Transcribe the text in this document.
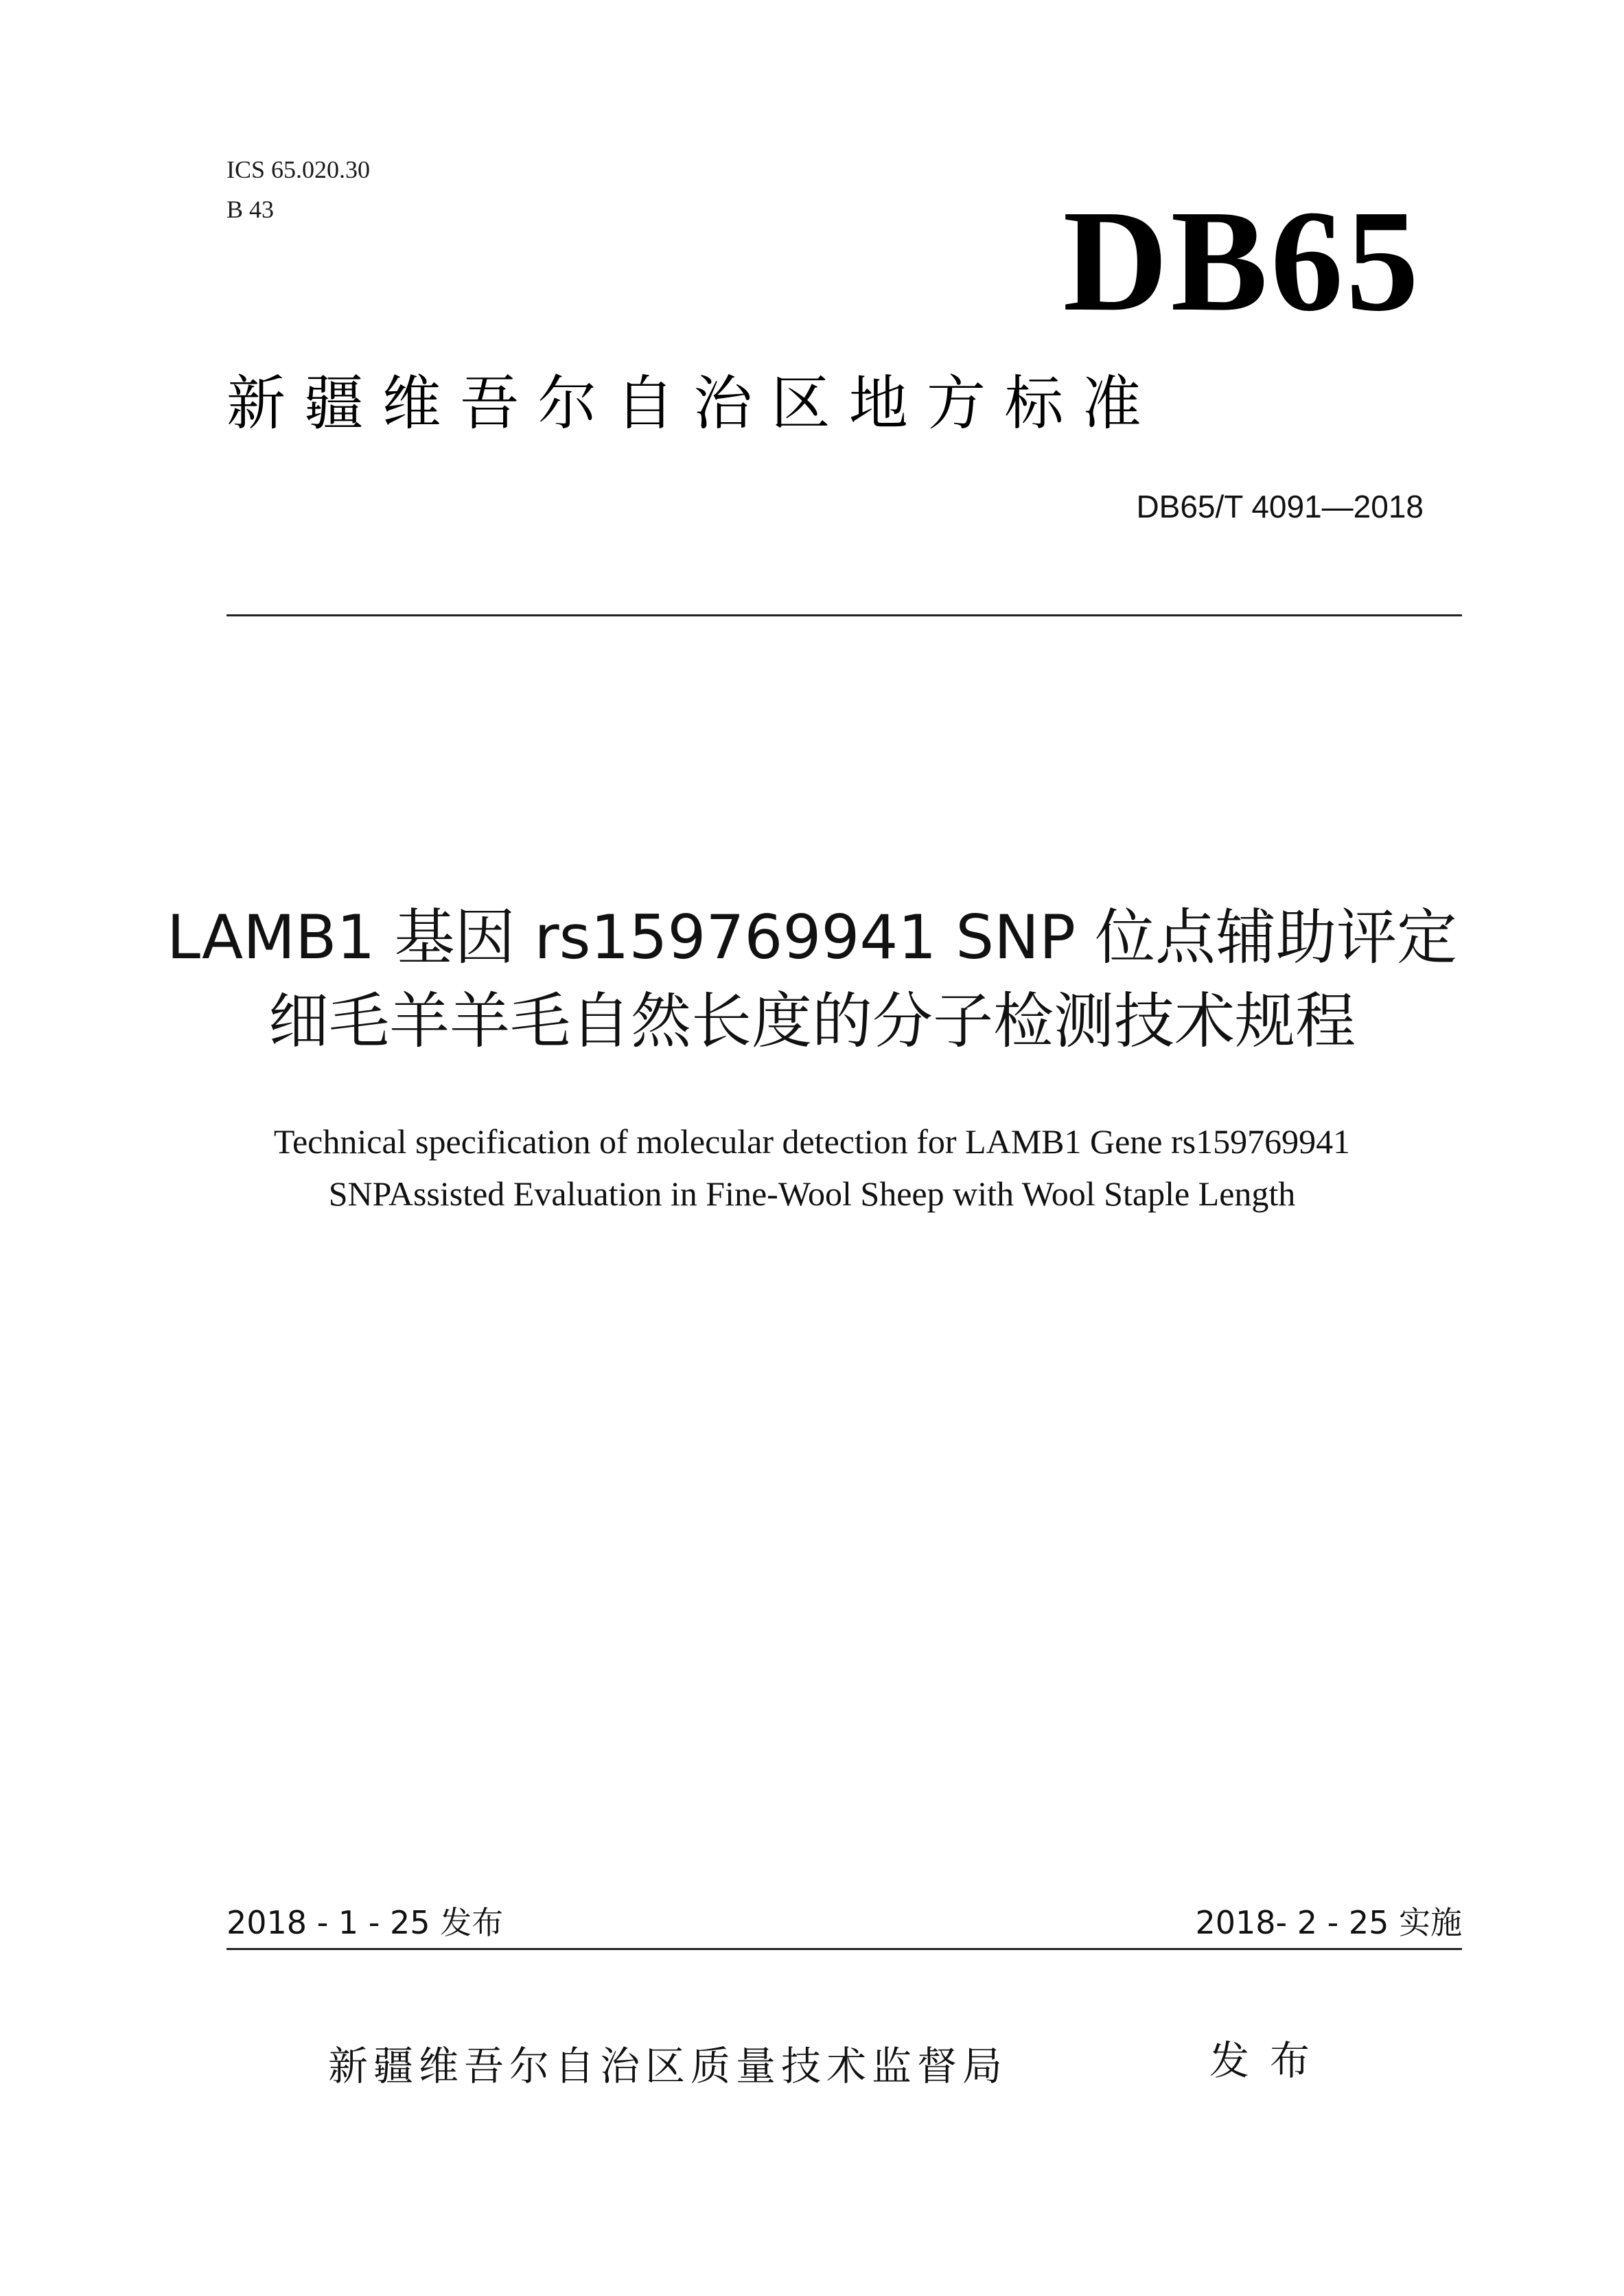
ICS 65.020.30
B 43	DB65
新 疆 维 吾 尔 自 治 区 地 方 标 准
DB65/T 4091—2018
LAMB1 基因 rs159769941 SNP 位点辅助评定
细毛羊羊毛自然长度的分子检测技术规程
Technical specification of molecular detection for LAMB1 Gene rs159769941
SNPAssisted Evaluation in Fine-Wool Sheep with Wool Staple Length
2018 - 1 - 25 发布	2018- 2 - 25 实施
新疆维吾尔自治区质量技术监督局	发布
